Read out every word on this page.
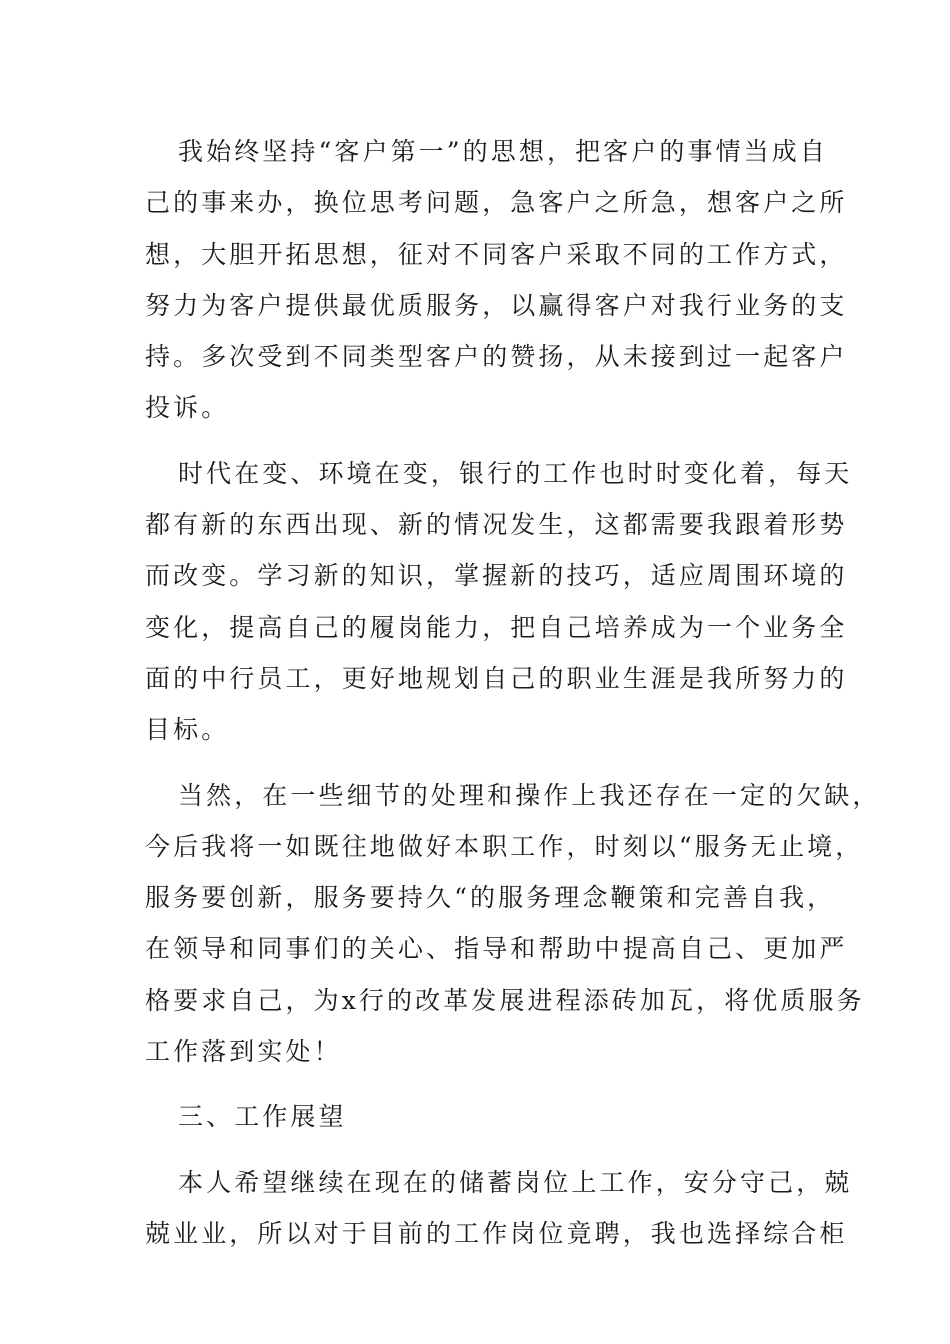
我始终坚持“客户第一”的思想，把客户的事情当成自
己的事来办，换位思考问题，急客户之所急，想客户之所
想，大胆开拓思想，征对不同客户采取不同的工作方式，
努力为客户提供最优质服务，以赢得客户对我行业务的支
持。多次受到不同类型客户的赞扬，从未接到过一起客户
投诉。
时代在变、环境在变，银行的工作也时时变化着，每天
都有新的东西出现、新的情况发生，这都需要我跟着形势
而改变。学习新的知识，掌握新的技巧，适应周围环境的
变化，提高自己的履岗能力，把自己培养成为一个业务全
面的中行员工，更好地规划自己的职业生涯是我所努力的
目标。
当然，在一些细节的处理和操作上我还存在一定的欠缺，
今后我将一如既往地做好本职工作，时刻以“服务无止境，
服务要创新，服务要持久“的服务理念鞭策和完善自我，
在领导和同事们的关心、指导和帮助中提高自己、更加严
格要求自己，为x行的改革发展进程添砖加瓦，将优质服务
工作落到实处！
三、工作展望
本人希望继续在现在的储蓄岗位上工作，安分守己，兢
兢业业，所以对于目前的工作岗位竟聘，我也选择综合柜
